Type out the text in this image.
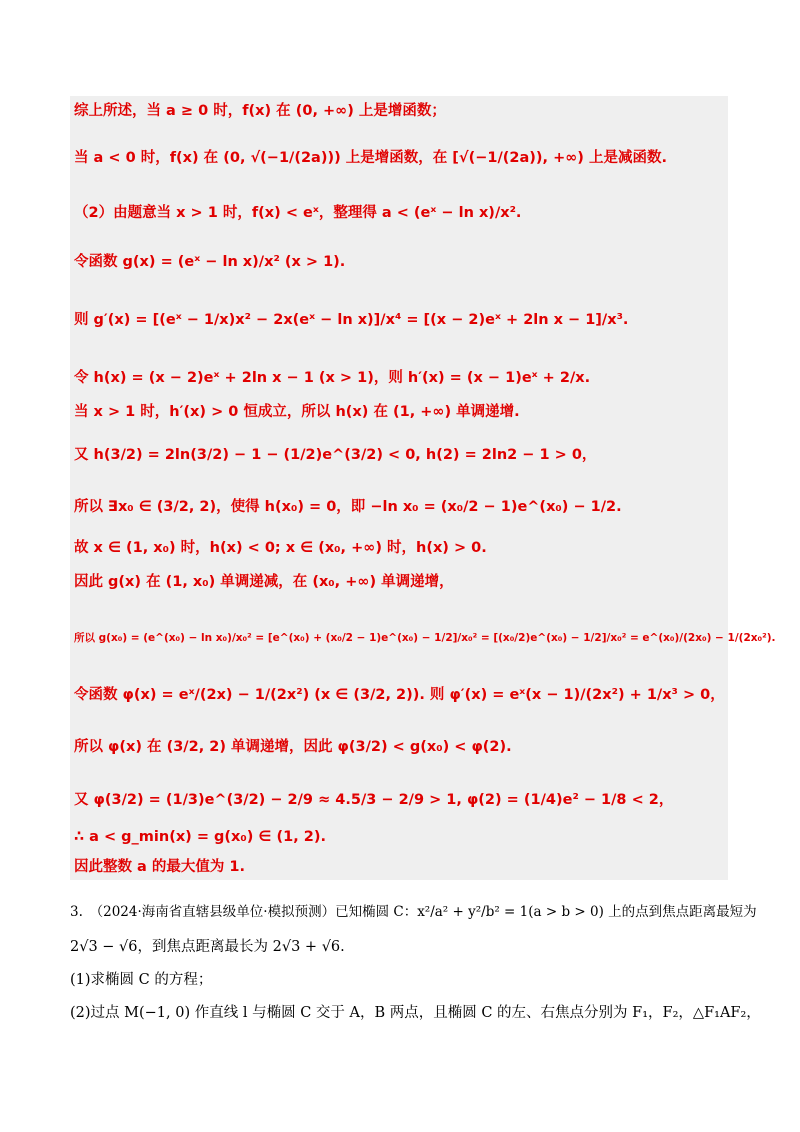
综上所述，当 a ≥ 0 时，f(x) 在 (0, +∞) 上是增函数；
当 a < 0 时，f(x) 在 (0, √(−1/(2a))) 上是增函数，在 [√(−1/(2a)), +∞) 上是减函数.
（2）由题意当 x > 1 时，f(x) < eˣ，整理得 a < (eˣ − ln x)/x².
令函数 g(x) = (eˣ − ln x)/x² (x > 1).
则 g′(x) = [(eˣ − 1/x)x² − 2x(eˣ − ln x)]/x⁴ = [(x − 2)eˣ + 2ln x − 1]/x³.
令 h(x) = (x − 2)eˣ + 2ln x − 1 (x > 1)，则 h′(x) = (x − 1)eˣ + 2/x.
当 x > 1 时，h′(x) > 0 恒成立，所以 h(x) 在 (1, +∞) 单调递增.
又 h(3/2) = 2ln(3/2) − 1 − (1/2)e^(3/2) < 0, h(2) = 2ln2 − 1 > 0，
所以 ∃x₀ ∈ (3/2, 2)，使得 h(x₀) = 0，即 −ln x₀ = (x₀/2 − 1)e^(x₀) − 1/2.
故 x ∈ (1, x₀) 时，h(x) < 0; x ∈ (x₀, +∞) 时，h(x) > 0.
因此 g(x) 在 (1, x₀) 单调递减，在 (x₀, +∞) 单调递增，
所以 g(x₀) = (e^(x₀) − ln x₀)/x₀² = [e^(x₀) + (x₀/2 − 1)e^(x₀) − 1/2]/x₀² = [(x₀/2)e^(x₀) − 1/2]/x₀² = e^(x₀)/(2x₀) − 1/(2x₀²).
令函数 φ(x) = eˣ/(2x) − 1/(2x²) (x ∈ (3/2, 2)). 则 φ′(x) = eˣ(x − 1)/(2x²) + 1/x³ > 0，
所以 φ(x) 在 (3/2, 2) 单调递增，因此 φ(3/2) < g(x₀) < φ(2).
又 φ(3/2) = (1/3)e^(3/2) − 2/9 ≈ 4.5/3 − 2/9 > 1, φ(2) = (1/4)e² − 1/8 < 2，
∴ a < g_min(x) = g(x₀) ∈ (1, 2).
因此整数 a 的最大值为 1.
3.　（2024·海南省直辖县级单位·模拟预测）已知椭圆 C：x²/a² + y²/b² = 1(a > b > 0) 上的点到焦点距离最短为
2√3 − √6，到焦点距离最长为 2√3 + √6.
(1)求椭圆 C 的方程；
(2)过点 M(−1, 0) 作直线 l 与椭圆 C 交于 A，B 两点，且椭圆 C 的左、右焦点分别为 F₁，F₂，△F₁AF₂，
